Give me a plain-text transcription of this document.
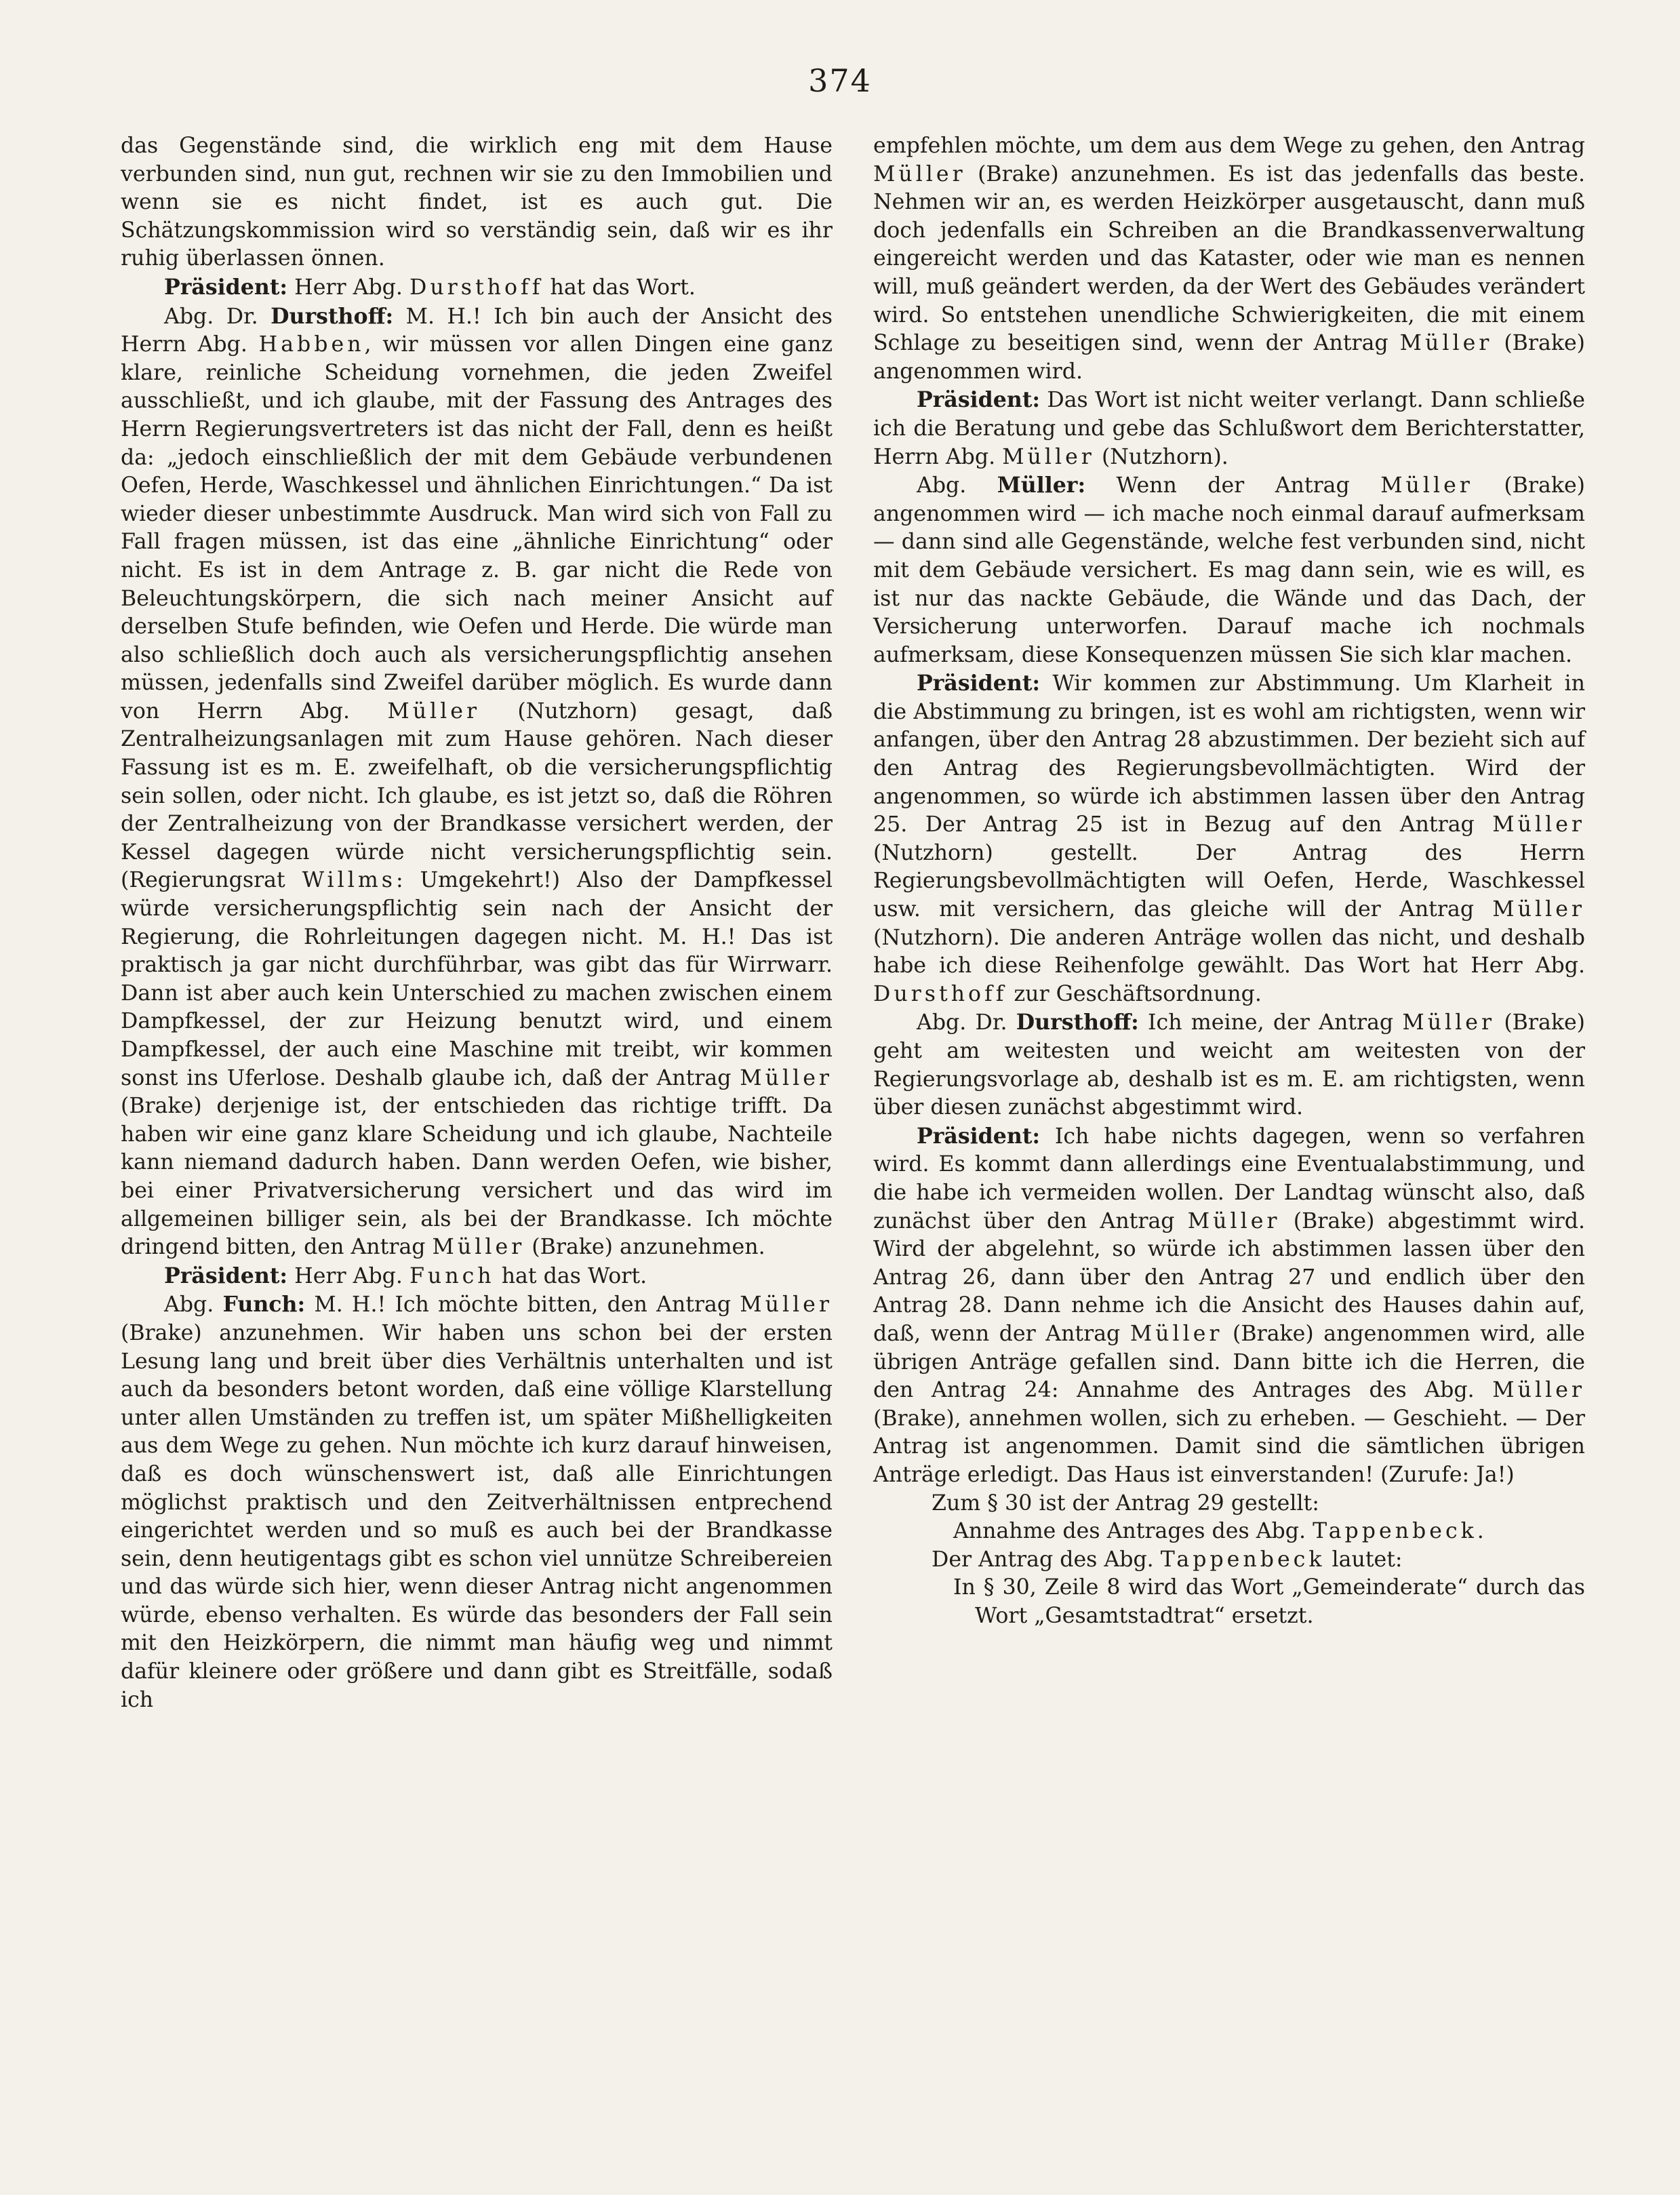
374

das Gegenstände sind, die wirklich eng mit dem Hause verbunden sind, nun gut, rechnen wir sie zu den Immobilien und wenn sie es nicht findet, ist es auch gut. Die Schätzungskommission wird so verständig sein, daß wir es ihr ruhig überlassen önnen.

Präsident: Herr Abg. Dursthoff hat das Wort.

Abg. Dr. Dursthoff: M. H.! Ich bin auch der Ansicht des Herrn Abg. Habben, wir müssen vor allen Dingen eine ganz klare, reinliche Scheidung vornehmen, die jeden Zweifel ausschließt, und ich glaube, mit der Fassung des Antrages des Herrn Regierungsvertreters ist das nicht der Fall, denn es heißt da: „jedoch einschließlich der mit dem Gebäude verbundenen Oefen, Herde, Waschkessel und ähnlichen Einrichtungen.“ Da ist wieder dieser unbestimmte Ausdruck. Man wird sich von Fall zu Fall fragen müssen, ist das eine „ähnliche Einrichtung“ oder nicht. Es ist in dem Antrage z. B. gar nicht die Rede von Beleuchtungskörpern, die sich nach meiner Ansicht auf derselben Stufe befinden, wie Oefen und Herde. Die würde man also schließlich doch auch als versicherungspflichtig ansehen müssen, jedenfalls sind Zweifel darüber möglich. Es wurde dann von Herrn Abg. Müller (Nutzhorn) gesagt, daß Zentralheizungsanlagen mit zum Hause gehören. Nach dieser Fassung ist es m. E. zweifelhaft, ob die versicherungspflichtig sein sollen, oder nicht. Ich glaube, es ist jetzt so, daß die Röhren der Zentralheizung von der Brandkasse versichert werden, der Kessel dagegen würde nicht versicherungspflichtig sein. (Regierungsrat Willms: Umgekehrt!) Also der Dampfkessel würde versicherungspflichtig sein nach der Ansicht der Regierung, die Rohrleitungen dagegen nicht. M. H.! Das ist praktisch ja gar nicht durchführbar, was gibt das für Wirrwarr. Dann ist aber auch kein Unterschied zu machen zwischen einem Dampfkessel, der zur Heizung benutzt wird, und einem Dampfkessel, der auch eine Maschine mit treibt, wir kommen sonst ins Uferlose. Deshalb glaube ich, daß der Antrag Müller (Brake) derjenige ist, der entschieden das richtige trifft. Da haben wir eine ganz klare Scheidung und ich glaube, Nachteile kann niemand dadurch haben. Dann werden Oefen, wie bisher, bei einer Privatversicherung versichert und das wird im allgemeinen billiger sein, als bei der Brandkasse. Ich möchte dringend bitten, den Antrag Müller (Brake) anzunehmen.

Präsident: Herr Abg. Funch hat das Wort.

Abg. Funch: M. H.! Ich möchte bitten, den Antrag Müller (Brake) anzunehmen. Wir haben uns schon bei der ersten Lesung lang und breit über dies Verhältnis unterhalten und ist auch da besonders betont worden, daß eine völlige Klarstellung unter allen Umständen zu treffen ist, um später Mißhelligkeiten aus dem Wege zu gehen. Nun möchte ich kurz darauf hinweisen, daß es doch wünschenswert ist, daß alle Einrichtungen möglichst praktisch und den Zeitverhältnissen entprechend eingerichtet werden und so muß es auch bei der Brandkasse sein, denn heutigentags gibt es schon viel unnütze Schreibereien und das würde sich hier, wenn dieser Antrag nicht angenommen würde, ebenso verhalten. Es würde das besonders der Fall sein mit den Heizkörpern, die nimmt man häufig weg und nimmt dafür kleinere oder größere und dann gibt es Streitfälle, sodaß ich

empfehlen möchte, um dem aus dem Wege zu gehen, den Antrag Müller (Brake) anzunehmen. Es ist das jedenfalls das beste. Nehmen wir an, es werden Heizkörper ausgetauscht, dann muß doch jedenfalls ein Schreiben an die Brandkassenverwaltung eingereicht werden und das Kataster, oder wie man es nennen will, muß geändert werden, da der Wert des Gebäudes verändert wird. So entstehen unendliche Schwierigkeiten, die mit einem Schlage zu beseitigen sind, wenn der Antrag Müller (Brake) angenommen wird.

Präsident: Das Wort ist nicht weiter verlangt. Dann schließe ich die Beratung und gebe das Schlußwort dem Berichterstatter, Herrn Abg. Müller (Nutzhorn).

Abg. Müller: Wenn der Antrag Müller (Brake) angenommen wird — ich mache noch einmal darauf aufmerksam — dann sind alle Gegenstände, welche fest verbunden sind, nicht mit dem Gebäude versichert. Es mag dann sein, wie es will, es ist nur das nackte Gebäude, die Wände und das Dach, der Versicherung unterworfen. Darauf mache ich nochmals aufmerksam, diese Konsequenzen müssen Sie sich klar machen.

Präsident: Wir kommen zur Abstimmung. Um Klarheit in die Abstimmung zu bringen, ist es wohl am richtigsten, wenn wir anfangen, über den Antrag 28 abzustimmen. Der bezieht sich auf den Antrag des Regierungsbevollmächtigten. Wird der angenommen, so würde ich abstimmen lassen über den Antrag 25. Der Antrag 25 ist in Bezug auf den Antrag Müller (Nutzhorn) gestellt. Der Antrag des Herrn Regierungsbevollmächtigten will Oefen, Herde, Waschkessel usw. mit versichern, das gleiche will der Antrag Müller (Nutzhorn). Die anderen Anträge wollen das nicht, und deshalb habe ich diese Reihenfolge gewählt. Das Wort hat Herr Abg. Dursthoff zur Geschäftsordnung.

Abg. Dr. Dursthoff: Ich meine, der Antrag Müller (Brake) geht am weitesten und weicht am weitesten von der Regierungsvorlage ab, deshalb ist es m. E. am richtigsten, wenn über diesen zunächst abgestimmt wird.

Präsident: Ich habe nichts dagegen, wenn so verfahren wird. Es kommt dann allerdings eine Eventualabstimmung, und die habe ich vermeiden wollen. Der Landtag wünscht also, daß zunächst über den Antrag Müller (Brake) abgestimmt wird. Wird der abgelehnt, so würde ich abstimmen lassen über den Antrag 26, dann über den Antrag 27 und endlich über den Antrag 28. Dann nehme ich die Ansicht des Hauses dahin auf, daß, wenn der Antrag Müller (Brake) angenommen wird, alle übrigen Anträge gefallen sind. Dann bitte ich die Herren, die den Antrag 24: Annahme des Antrages des Abg. Müller (Brake), annehmen wollen, sich zu erheben. — Geschieht. — Der Antrag ist angenommen. Damit sind die sämtlichen übrigen Anträge erledigt. Das Haus ist einverstanden! (Zurufe: Ja!)

Zum § 30 ist der Antrag 29 gestellt:

Annahme des Antrages des Abg. Tappenbeck.

Der Antrag des Abg. Tappenbeck lautet:

In § 30, Zeile 8 wird das Wort „Gemeinderate“ durch das Wort „Gesamtstadtrat“ ersetzt.
